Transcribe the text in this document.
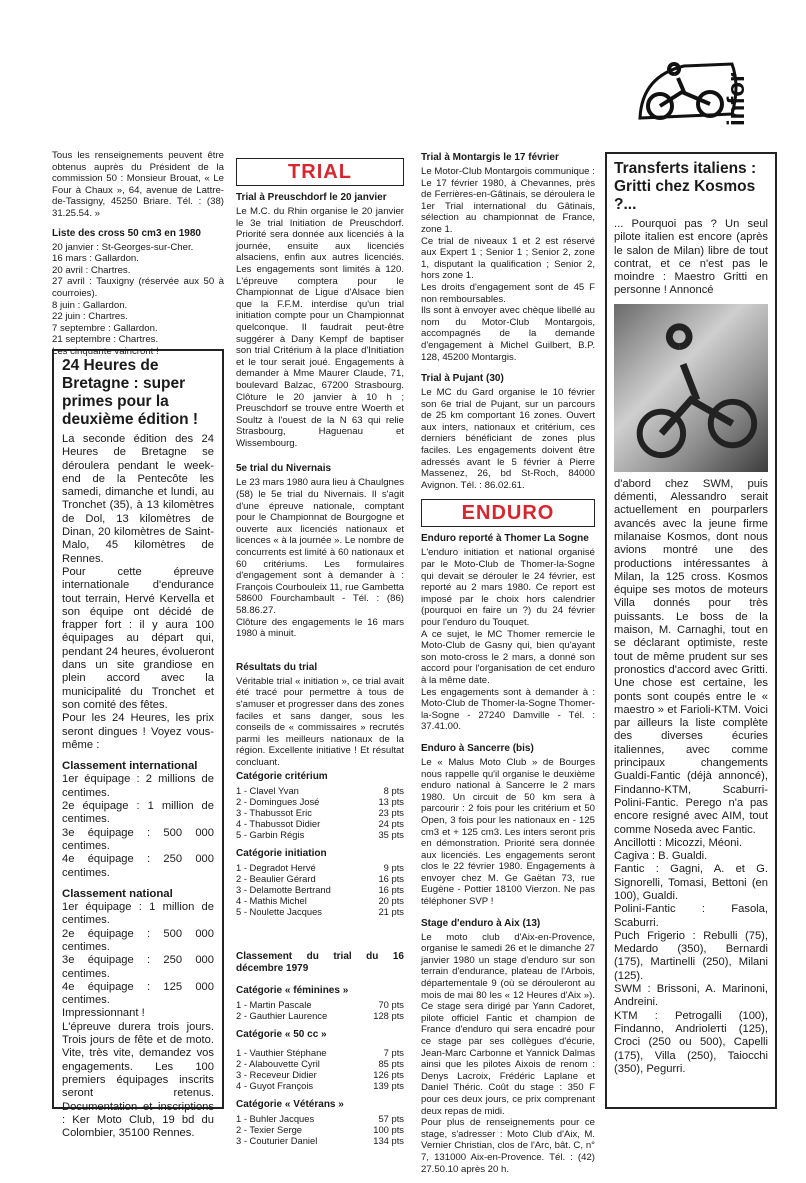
infor

Tous les renseignements peuvent être obtenus auprès du Président de la commission 50 : Monsieur Brouat, « Le Four à Chaux », 64, avenue de Lattre-de-Tassigny, 45250 Briare. Tél. : (38) 31.25.54. »

Liste des cross 50 cm3 en 1980
20 janvier : St-Georges-sur-Cher.
16 mars : Gallardon.
20 avril : Chartres.
27 avril : Tauxigny (réservée aux 50 à courroies).
8 juin : Gallardon.
22 juin : Chartres.
7 septembre : Gallardon.
21 septembre : Chartres.
Les cinquante vaincront !
24 Heures de Bretagne : super primes pour la deuxième édition !

La seconde édition des 24 Heures de Bretagne se déroulera pendant le week-end de la Pentecôte les samedi, dimanche et lundi, au Tronchet (35), à 13 kilomètres de Dol, 13 kilomètres de Dinan, 20 kilomètres de Saint-Malo, 45 kilomètres de Rennes.

Pour cette épreuve internationale d'endurance tout terrain, Hervé Kervella et son équipe ont décidé de frapper fort : il y aura 100 équipages au départ qui, pendant 24 heures, évolueront dans un site grandiose en plein accord avec la municipalité du Tronchet et son comité des fêtes.

Pour les 24 Heures, les prix seront dingues ! Voyez vous-même :

Classement international

1er équipage : 2 millions de centimes.

2e équipage : 1 million de centimes.

3e équipage : 500 000 centimes.

4e équipage : 250 000 centimes.

Classement national

1er équipage : 1 million de centimes.

2e équipage : 500 000 centimes.

3e équipage : 250 000 centimes.

4e équipage : 125 000 centimes.

Impressionnant !

L'épreuve durera trois jours. Trois jours de fête et de moto. Vite, très vite, demandez vos engagements. Les 100 premiers équipages inscrits seront retenus. Documentation et inscriptions : Ker Moto Club, 19 bd du Colombier, 35100 Rennes.

TRIAL
Trial à Preuschdorf le 20 janvier

Le M.C. du Rhin organise le 20 janvier le 3e trial Initiation de Preuschdorf. Priorité sera donnée aux licenciés à la journée, ensuite aux licenciés alsaciens, enfin aux autres licenciés. Les engagements sont limités à 120. L'épreuve comptera pour le Championnat de Ligue d'Alsace bien que la F.F.M. interdise qu'un trial initiation compte pour un Championnat quelconque. Il faudrait peut-être suggérer à Dany Kempf de baptiser son trial Critérium à la place d'Initiation et le tour serait joué. Engagements à demander à Mme Maurer Claude, 71, boulevard Balzac, 67200 Strasbourg. Clôture le 20 janvier à 10 h ; Preuschdorf se trouve entre Woerth et Soultz à l'ouest de la N 63 qui relie Strasbourg, Haguenau et Wissembourg.

5e trial du Nivernais

Le 23 mars 1980 aura lieu à Chaulgnes (58) le 5e trial du Nivernais. Il s'agit d'une épreuve nationale, comptant pour le Championnat de Bourgogne et ouverte aux licenciés nationaux et licences « à la journée ». Le nombre de concurrents est limité à 60 nationaux et 60 critériums. Les formulaires d'engagement sont à demander à : François Courbouleix 11, rue Gambetta 58600 Fourchambault - Tél. : (86) 58.86.27.

Clôture des engagements le 16 mars 1980 à minuit.

Résultats du trial

Véritable trial « initiation », ce trial avait été tracé pour permettre à tous de s'amuser et progresser dans des zones faciles et sans danger, sous les conseils de « commissaires » recrutés parmi les meilleurs nationaux de la région. Excellente initiative ! Et résultat concluant.

Catégorie critérium
1 - Clavel Yvan	8 pts
2 - Domingues José	13 pts
3 - Thabussot Eric	23 pts
4 - Thabussot Didier	24 pts
5 - Garbin Régis	35 pts
Catégorie initiation
1 - Degradot Hervé	9 pts
2 - Beaulier Gérard	16 pts
3 - Delamotte Bertrand	16 pts
4 - Mathis Michel	20 pts
5 - Noulette Jacques	21 pts
Classement du trial du 16 décembre 1979
Catégorie « féminines »
1 - Martin Pascale	70 pts
2 - Gauthier Laurence	128 pts
Catégorie « 50 cc »
1 - Vauthier Stéphane	7 pts
2 - Alabouvette Cyril	85 pts
3 - Receveur Didier	126 pts
4 - Guyot François	139 pts
Catégorie « Vétérans »
1 - Buhler Jacques	57 pts
2 - Texier Serge	100 pts
3 - Couturier Daniel	134 pts
Trial à Montargis le 17 février

Le Motor-Club Montargois communique :

Le 17 février 1980, à Chevannes, près de Ferrières-en-Gâtinais, se déroulera le 1er Trial international du Gâtinais, sélection au championnat de France, zone 1.

Ce trial de niveaux 1 et 2 est réservé aux Expert 1 ; Senior 1 ; Senior 2, zone 1, disputant la qualification ; Senior 2, hors zone 1.

Les droits d'engagement sont de 45 F non remboursables.

Ils sont à envoyer avec chèque libellé au nom du Motor-Club Montargois, accompagnés de la demande d'engagement à Michel Guilbert, B.P. 128, 45200 Montargis.

Trial à Pujant (30)

Le MC du Gard organise le 10 février son 6e trial de Pujant, sur un parcours de 25 km comportant 16 zones. Ouvert aux inters, nationaux et critérium, ces derniers bénéficiant de zones plus faciles. Les engagements doivent être adressés avant le 5 février à Pierre Massenez, 26, bd St-Roch, 84000 Avignon. Tél. : 86.02.61.

ENDURO
Enduro reporté à Thomer La Sogne

L'enduro initiation et national organisé par le Moto-Club de Thomer-la-Sogne qui devait se dérouler le 24 février, est reporté au 2 mars 1980. Ce report est imposé par le choix hors calendrier (pourquoi en faire un ?) du 24 février pour l'enduro du Touquet.

A ce sujet, le MC Thomer remercie le Moto-Club de Gasny qui, bien qu'ayant son moto-cross le 2 mars, a donné son accord pour l'organisation de cet enduro à la même date.

Les engagements sont à demander à : Moto-Club de Thomer-la-Sogne Thomer-la-Sogne - 27240 Damville - Tél. : 37.41.00.

Enduro à Sancerre (bis)

Le « Malus Moto Club » de Bourges nous rappelle qu'il organise le deuxième enduro national à Sancerre le 2 mars 1980. Un circuit de 50 km sera à parcourir : 2 fois pour les critérium et 50 Open, 3 fois pour les nationaux en - 125 cm3 et + 125 cm3. Les inters seront pris en démonstration. Priorité sera donnée aux licenciés. Les engagements seront clos le 22 février 1980. Engagements à envoyer chez M. Ge Gaëtan 73, rue Eugène - Pottier 18100 Vierzon. Ne pas téléphoner SVP !

Stage d'enduro à Aix (13)

Le moto club d'Aix-en-Provence, organise le samedi 26 et le dimanche 27 janvier 1980 un stage d'enduro sur son terrain d'endurance, plateau de l'Arbois, départementale 9 (où se dérouleront au mois de mai 80 les « 12 Heures d'Aix »). Ce stage sera dirigé par Yann Cadoret, pilote officiel Fantic et champion de France d'enduro qui sera encadré pour ce stage par ses collègues d'écurie, Jean-Marc Carbonne et Yannick Dalmas ainsi que les pilotes Aixois de renom : Denys Lacroix, Frédéric Laplane et Daniel Théric. Coût du stage : 350 F pour ces deux jours, ce prix comprenant deux repas de midi.

Pour plus de renseignements pour ce stage, s'adresser : Moto Club d'Aix, M. Vernier Christian, clos de l'Arc, bât. C, n° 7, 131000 Aix-en-Provence. Tél. : (42) 27.50.10 après 20 h.

Transferts italiens : Gritti chez Kosmos ?...

... Pourquoi pas ? Un seul pilote italien est encore (après le salon de Milan) libre de tout contrat, et ce n'est pas le moindre : Maestro Gritti en personne ! Annoncé

d'abord chez SWM, puis démenti, Alessandro serait actuellement en pourparlers avancés avec la jeune firme milanaise Kosmos, dont nous avions montré une des productions intéressantes à Milan, la 125 cross. Kosmos équipe ses motos de moteurs Villa donnés pour très puissants. Le boss de la maison, M. Carnaghi, tout en se déclarant optimiste, reste tout de même prudent sur ses pronostics d'accord avec Gritti. Une chose est certaine, les ponts sont coupés entre le « maestro » et Farioli-KTM. Voici par ailleurs la liste complète des diverses écuries italiennes, avec comme principaux changements Gualdi-Fantic (déjà annoncé), Findanno-KTM, Scaburri-Polini-Fantic. Perego n'a pas encore resigné avec AIM, tout comme Noseda avec Fantic.

Ancillotti : Micozzi, Méoni.

Cagiva : B. Gualdi.

Fantic : Gagni, A. et G. Signorelli, Tomasi, Bettoni (en 100), Gualdi.

Polini-Fantic : Fasola, Scaburri.

Puch Frigerio : Rebulli (75), Medardo (350), Bernardi (175), Martinelli (250), Milani (125).

SWM : Brissoni, A. Marinoni, Andreini.

KTM : Petrogalli (100), Findanno, Andriolетti (125), Croci (250 ou 500), Capelli (175), Villa (250), Taiocchi (350), Pegurri.
